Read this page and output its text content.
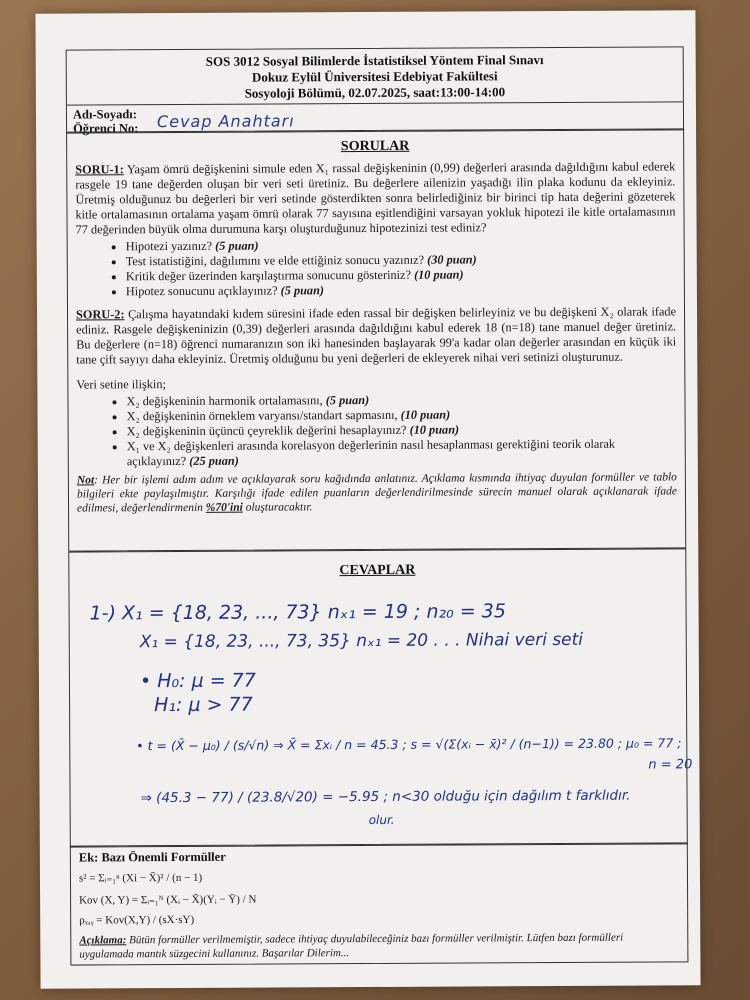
SOS 3012 Sosyal Bilimlerde İstatistiksel Yöntem Final Sınavı
Dokuz Eylül Üniversitesi Edebiyat Fakültesi
Sosyoloji Bölümü, 02.07.2025, saat:13:00-14:00
Adı-Soyadı:
Öğrenci No: Cevap Anahtarı
SORULAR

SORU-1: Yaşam ömrü değişkenini simule eden X₁ rassal değişkeninin (0,99) değerleri arasında dağıldığını kabul ederek rasgele 19 tane değerden oluşan bir veri seti üretiniz. Bu değerlere ailenizin yaşadığı ilin plaka kodunu da ekleyiniz. Üretmiş olduğunuz bu değerleri bir veri setinde gösterdikten sonra belirlediğiniz bir birinci tip hata değerini gözeterek kitle ortalamasının ortalama yaşam ömrü olarak 77 sayısına eşitlendiğini varsayan yokluk hipotezi ile kitle ortalamasının 77 değerinden büyük olma durumuna karşı oluşturduğunuz hipotezinizi test ediniz?

• Hipotezi yazınız? (5 puan)
• Test istatistiğini, dağılımını ve elde ettiğiniz sonucu yazınız? (30 puan)
• Kritik değer üzerinden karşılaştırma sonucunu gösteriniz? (10 puan)
• Hipotez sonucunu açıklayınız? (5 puan)

SORU-2: Çalışma hayatındaki kıdem süresini ifade eden rassal bir değişken belirleyiniz ve bu değişkeni X₂ olarak ifade ediniz. Rasgele değişkeninizin (0,39) değerleri arasında dağıldığını kabul ederek 18 (n=18) tane manuel değer üretiniz. Bu değerlere (n=18) öğrenci numaranızın son iki hanesinden başlayarak 99'a kadar olan değerler arasından en küçük iki tane çift sayıyı daha ekleyiniz. Üretmiş olduğunu bu yeni değerleri de ekleyerek nihai veri setinizi oluşturunuz.

Veri setine ilişkin;

• X₂ değişkeninin harmonik ortalamasını, (5 puan)
• X₂ değişkeninin örneklem varyansı/standart sapmasını, (10 puan)
• X₂ değişkeninin üçüncü çeyreklik değerini hesaplayınız? (10 puan)
• X₁ ve X₂ değişkenleri arasında korelasyon değerlerinin nasıl hesaplanması gerektiğini teorik olarak açıklayınız? (25 puan)
Not: Her bir işlemi adım adım ve açıklayarak soru kağıdında anlatınız. Açıklama kısmında ihtiyaç duyulan formüller ve tablo bilgileri ekte paylaşılmıştır. Karşılığı ifade edilen puanların değerlendirilmesinde sürecin manuel olarak açıklanarak ifade edilmesi, değerlendirmenin %70'ini oluşturacaktır.
CEVAPLAR
1-) X₁ = {18, 23, ..., 73} nₓ₁ = 19 ; n₂₀ = 35
X₁ = {18, 23, ..., 73, 35} nₓ₁ = 20 . . . Nihai veri seti
• H₀: μ = 77
H₁: μ > 77
• t = (X̄ − μ₀) / (s/√n) ⇒ X̄ = Σxᵢ / n = 45.3 ; s = √(Σ(xᵢ − x̄)² / (n−1)) = 23.80 ; μ₀ = 77 ;
n = 20
⇒ (45.3 − 77) / (23.8/√20) = −5.95 ; n<30 olduğu için dağılım t farklıdır.
olur.
Ek: Bazı Önemli Formüller
s² = Σᵢ₌₁ⁿ (Xi − X̄)² / (n − 1)
Kov (X, Y) = Σᵢ₌₁ᴺ (Xᵢ − X̄)(Yᵢ − Ȳ) / N
ρₓ,ᵧ = Kov(X,Y) / (sX·sY)
Açıklama: Bütün formüller verilmemiştir, sadece ihtiyaç duyulabileceğiniz bazı formüller verilmiştir. Lütfen bazı formülleri uygulamada mantık süzgecini kullanınız. Başarılar Dilerim...
